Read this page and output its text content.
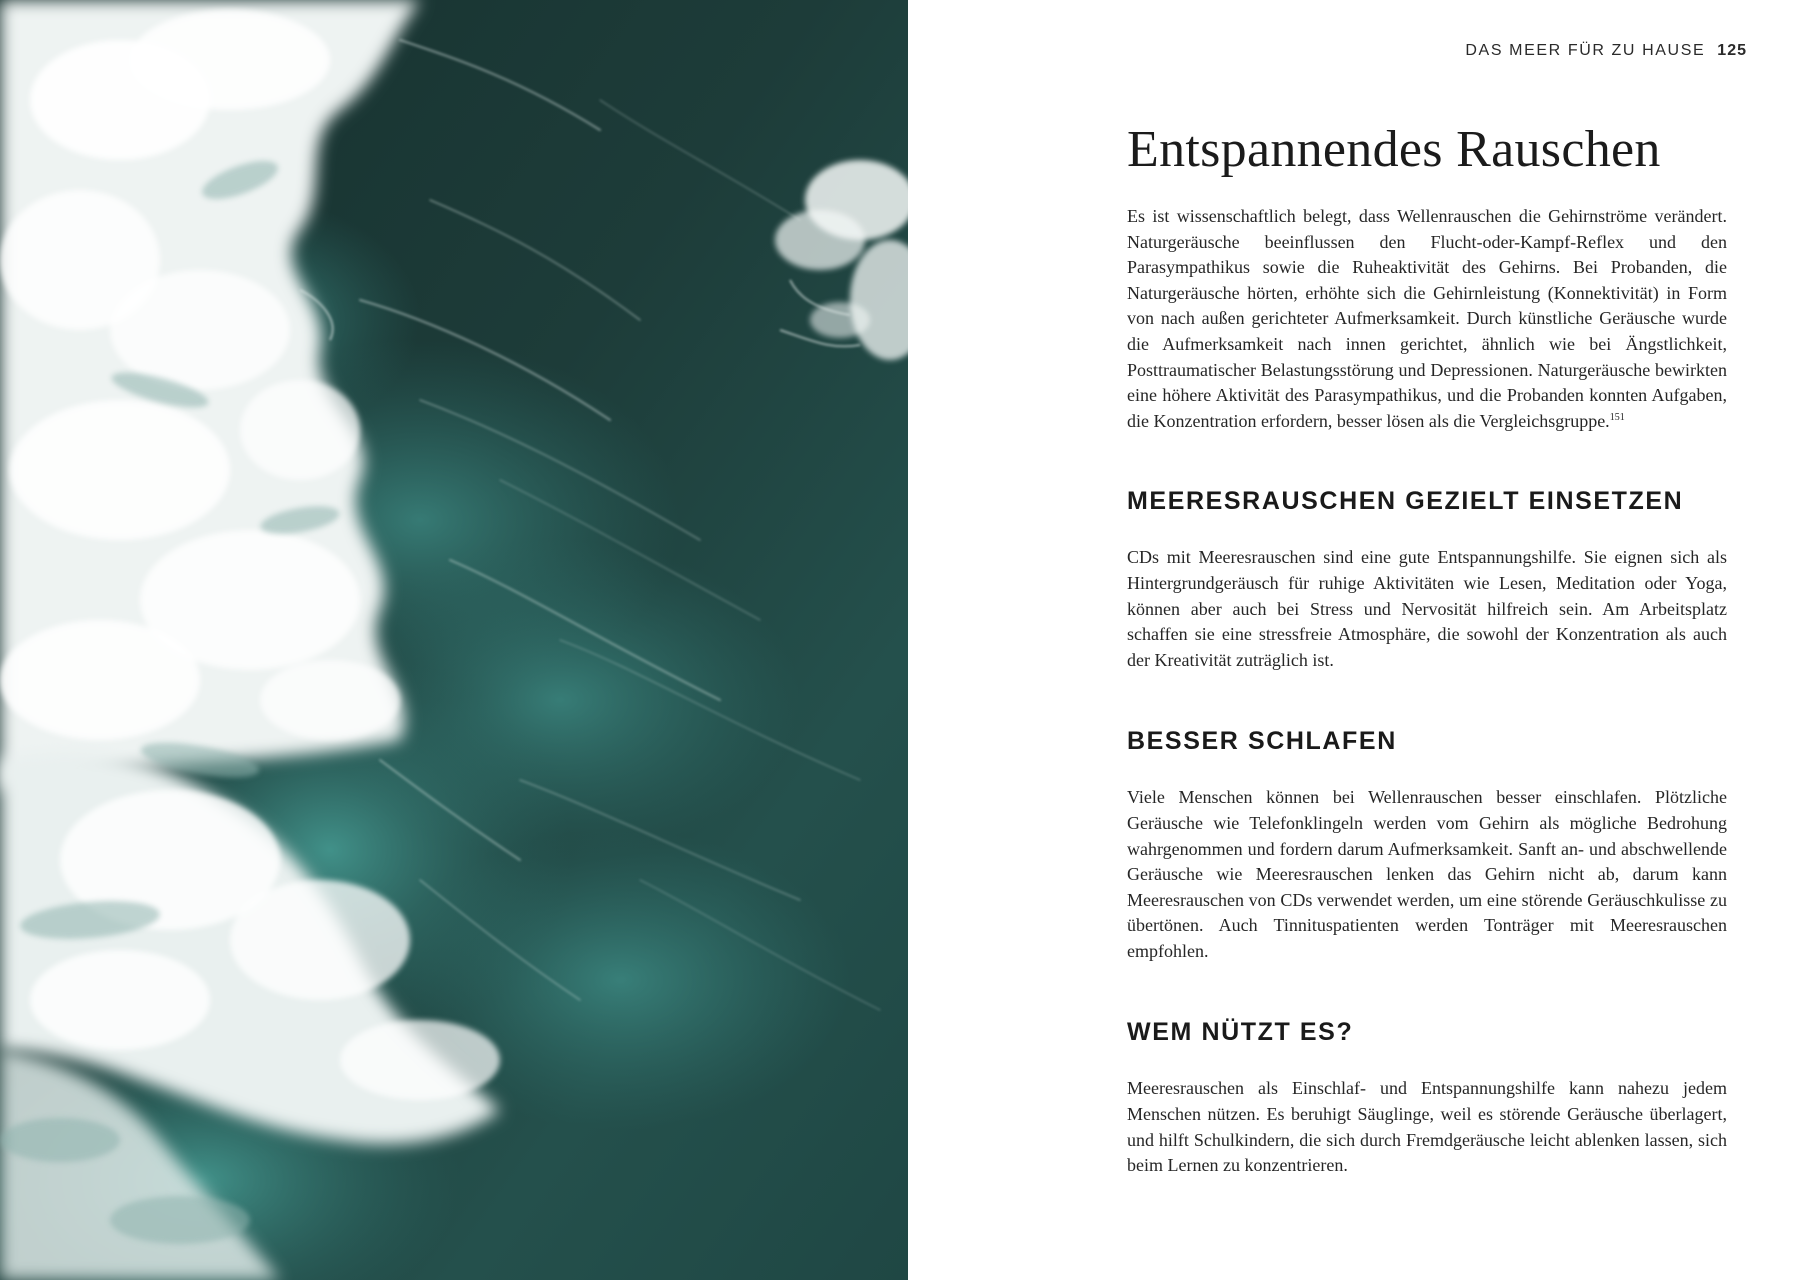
DAS MEER FÜR ZU HAUSE 125
Entspannendes Rauschen

Es ist wissenschaftlich belegt, dass Wellenrauschen die Gehirnströme verändert. Naturgeräusche beeinflussen den Flucht-oder-Kampf-Reflex und den Parasympathikus sowie die Ruheaktivität des Gehirns. Bei Probanden, die Naturgeräusche hörten, erhöhte sich die Gehirnleistung (Konnektivität) in Form von nach außen gerichteter Aufmerksamkeit. Durch künstliche Geräusche wurde die Aufmerksamkeit nach innen gerichtet, ähnlich wie bei Ängstlichkeit, Posttraumatischer Belastungsstörung und Depressionen. Naturgeräusche bewirkten eine höhere Aktivität des Parasympathikus, und die Probanden konnten Aufgaben, die Konzentration erfordern, besser lösen als die Vergleichsgruppe.$^{151}$

MEERESRAUSCHEN GEZIELT EINSETZEN

CDs mit Meeresrauschen sind eine gute Entspannungshilfe. Sie eignen sich als Hintergrundgeräusch für ruhige Aktivitäten wie Lesen, Meditation oder Yoga, können aber auch bei Stress und Nervosität hilfreich sein. Am Arbeitsplatz schaffen sie eine stressfreie Atmosphäre, die sowohl der Konzentration als auch der Kreativität zuträglich ist.

BESSER SCHLAFEN

Viele Menschen können bei Wellenrauschen besser einschlafen. Plötzliche Geräusche wie Telefonklingeln werden vom Gehirn als mögliche Bedrohung wahrgenommen und fordern darum Aufmerksamkeit. Sanft an- und abschwellende Geräusche wie Meeresrauschen lenken das Gehirn nicht ab, darum kann Meeresrauschen von CDs verwendet werden, um eine störende Geräuschkulisse zu übertönen. Auch Tinnituspatienten werden Tonträger mit Meeresrauschen empfohlen.

WEM NÜTZT ES?

Meeresrauschen als Einschlaf- und Entspannungshilfe kann nahezu jedem Menschen nützen. Es beruhigt Säuglinge, weil es störende Geräusche überlagert, und hilft Schulkindern, die sich durch Fremdgeräusche leicht ablenken lassen, sich beim Lernen zu konzentrieren.
